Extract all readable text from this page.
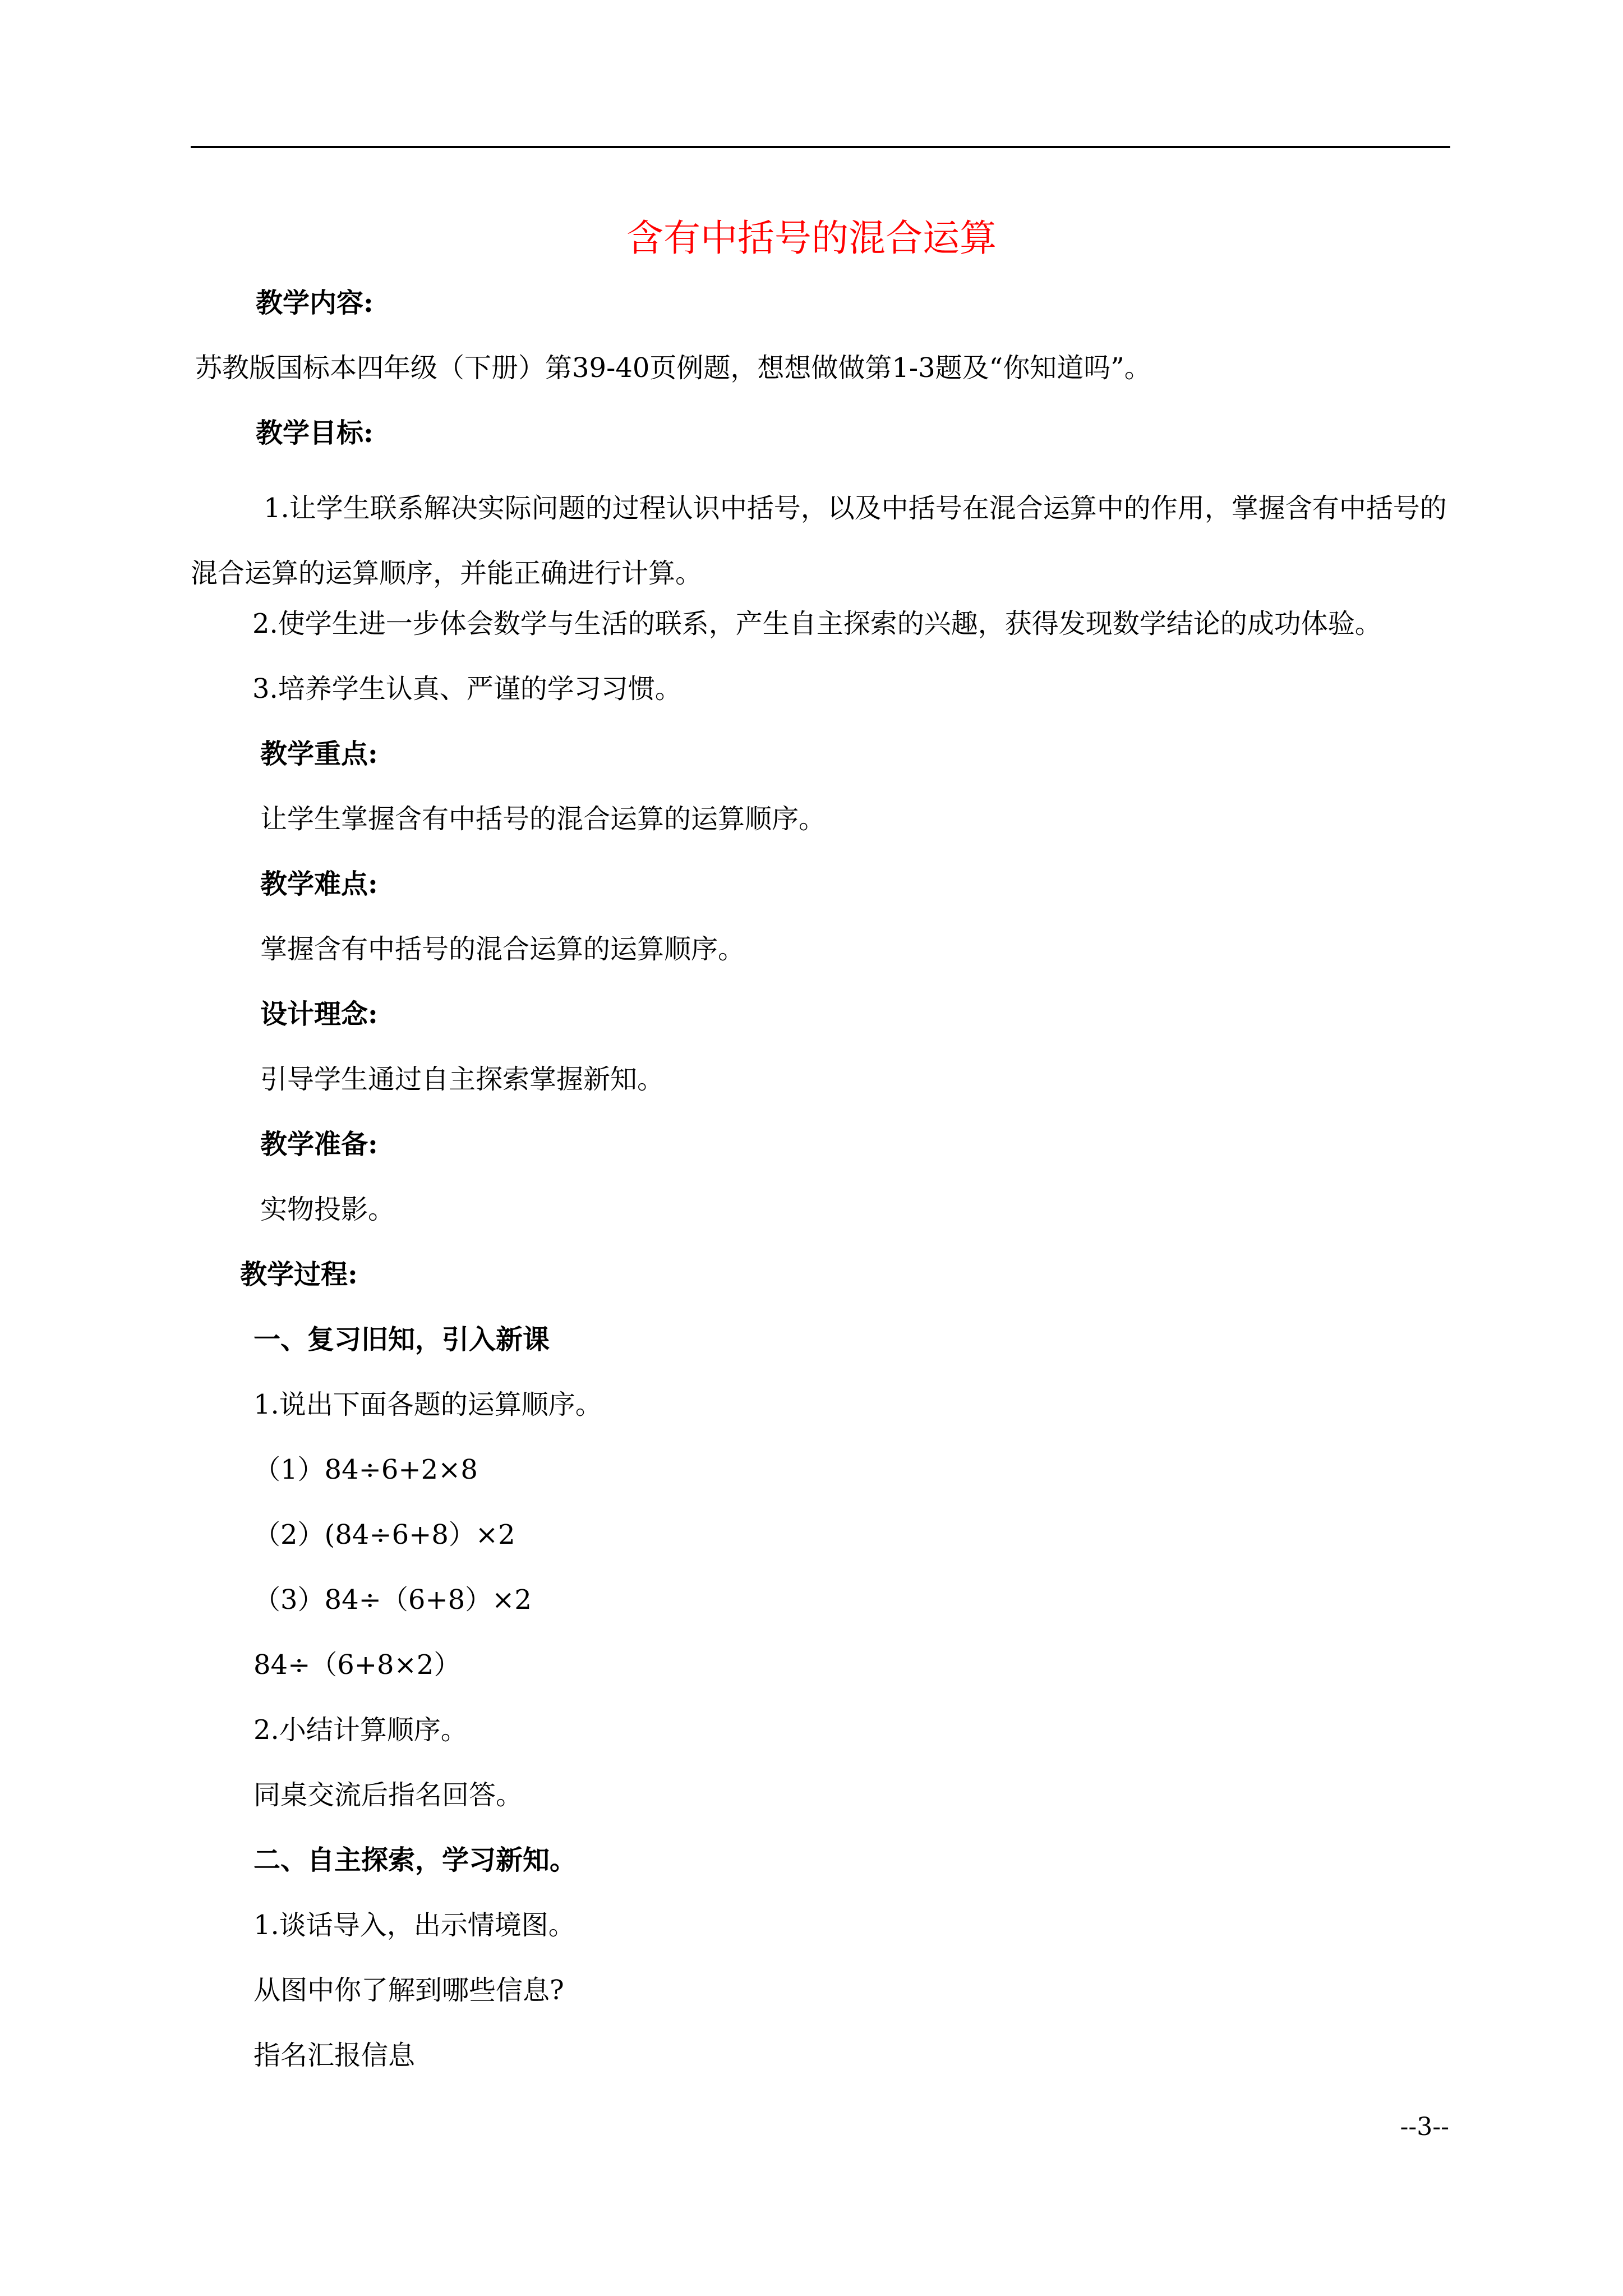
含有中括号的混合运算
教学内容:
苏教版国标本四年级（下册）第39-40页例题，想想做做第1-3题及“你知道吗”。
教学目标:
1.让学生联系解决实际问题的过程认识中括号，以及中括号在混合运算中的作用，掌握含有中括号的混合运算的运算顺序，并能正确进行计算。
2.使学生进一步体会数学与生活的联系，产生自主探索的兴趣，获得发现数学结论的成功体验。
3.培养学生认真、严谨的学习习惯。
教学重点:
让学生掌握含有中括号的混合运算的运算顺序。
教学难点:
掌握含有中括号的混合运算的运算顺序。
设计理念:
引导学生通过自主探索掌握新知。
教学准备:
实物投影。
教学过程:
一、复习旧知，引入新课
1.说出下面各题的运算顺序。
（1）84÷6+2×8
（2）(84÷6+8）×2
（3）84÷（6+8）×2
84÷（6+8×2）
2.小结计算顺序。
同桌交流后指名回答。
二、自主探索，学习新知。
1.谈话导入，出示情境图。
从图中你了解到哪些信息?
指名汇报信息
--3--
